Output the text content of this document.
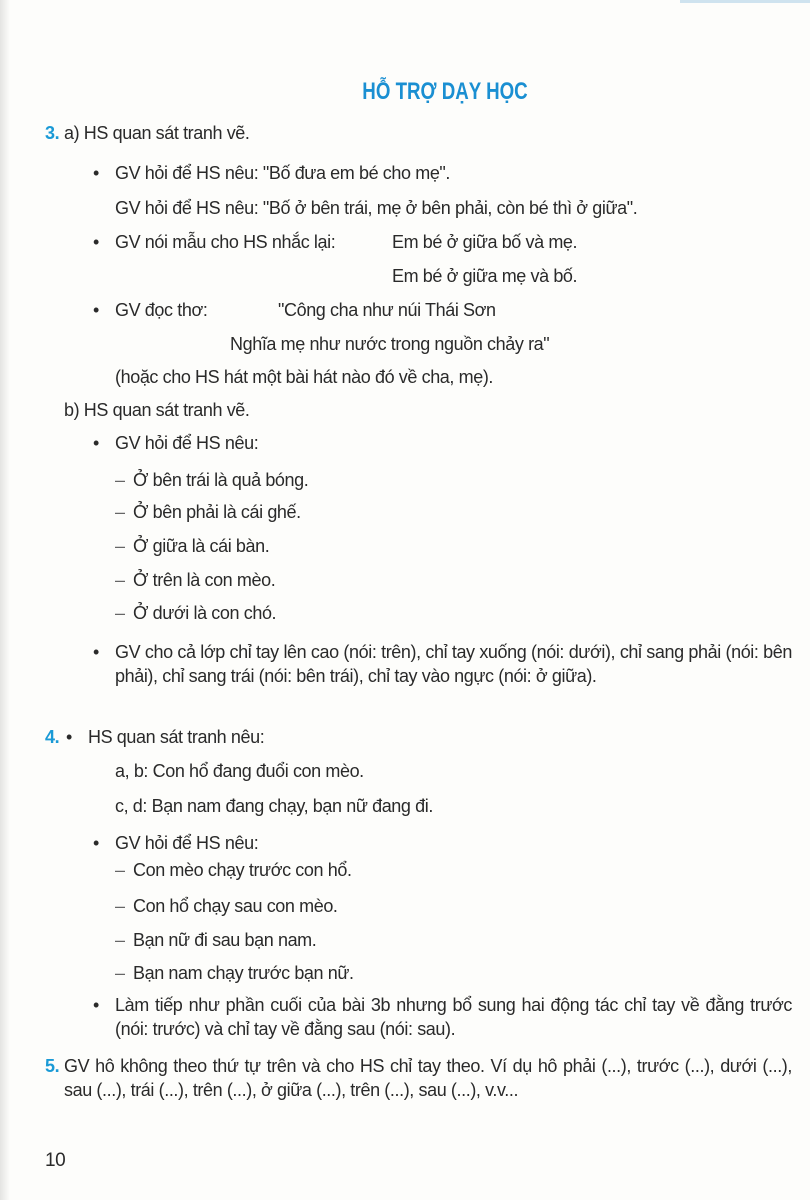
HỖ TRỢ DẠY HỌC
3. a) HS quan sát tranh vẽ.
• GV hỏi để HS nêu: "Bố đưa em bé cho mẹ".
GV hỏi để HS nêu: "Bố ở bên trái, mẹ ở bên phải, còn bé thì ở giữa".
• GV nói mẫu cho HS nhắc lại:	Em bé ở giữa bố và mẹ.
Em bé ở giữa mẹ và bố.
• GV đọc thơ:	"Công cha như núi Thái Sơn
Nghĩa mẹ như nước trong nguồn chảy ra"
(hoặc cho HS hát một bài hát nào đó về cha, mẹ).
b) HS quan sát tranh vẽ.
• GV hỏi để HS nêu:
– Ở bên trái là quả bóng.
– Ở bên phải là cái ghế.
– Ở giữa là cái bàn.
– Ở trên là con mèo.
– Ở dưới là con chó.
• GV cho cả lớp chỉ tay lên cao (nói: trên), chỉ tay xuống (nói: dưới), chỉ sang phải (nói: bên phải), chỉ sang trái (nói: bên trái), chỉ tay vào ngực (nói: ở giữa).
4. • HS quan sát tranh nêu:
a, b: Con hổ đang đuổi con mèo.
c, d: Bạn nam đang chạy, bạn nữ đang đi.
• GV hỏi để HS nêu:
– Con mèo chạy trước con hổ.
– Con hổ chạy sau con mèo.
– Bạn nữ đi sau bạn nam.
– Bạn nam chạy trước bạn nữ.
• Làm tiếp như phần cuối của bài 3b nhưng bổ sung hai động tác chỉ tay về đằng trước (nói: trước) và chỉ tay về đằng sau (nói: sau).
5. GV hô không theo thứ tự trên và cho HS chỉ tay theo. Ví dụ hô phải (...), trước (...), dưới (...), sau (...), trái (...), trên (...), ở giữa (...), trên (...), sau (...), v.v...
10
